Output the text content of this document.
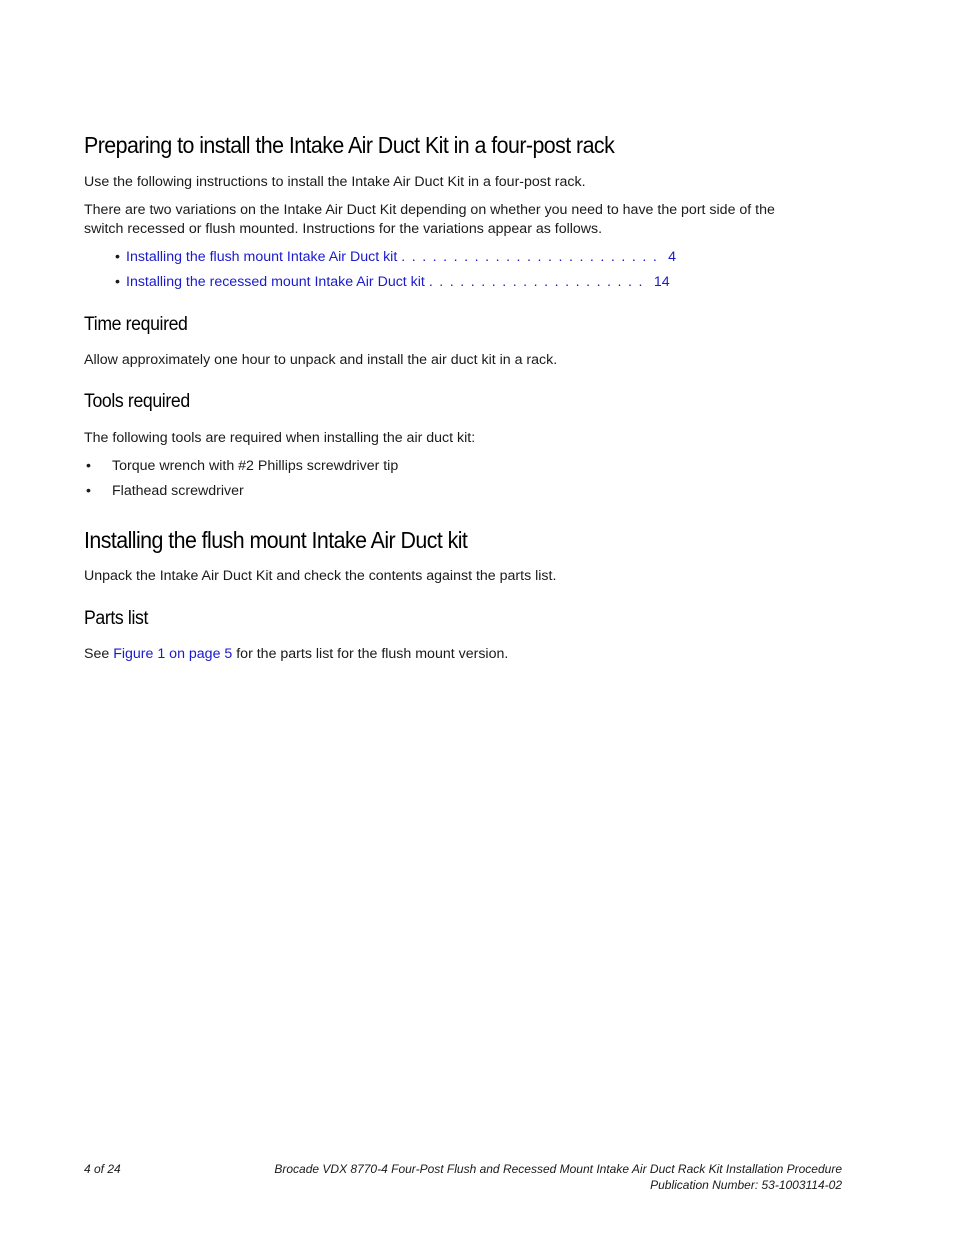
Preparing to install the Intake Air Duct Kit in a four-post rack

Use the following instructions to install the Intake Air Duct Kit in a four-post rack.

There are two variations on the Intake Air Duct Kit depending on whether you need to have the port side of the

switch recessed or flush mounted. Instructions for the variations appear as follows.

• Installing the flush mount Intake Air Duct kit . . . . . . . . . . . . . . . . . . . . . . . . . 4
• Installing the recessed mount Intake Air Duct kit . . . . . . . . . . . . . . . . . . . . . 14
Time required

Allow approximately one hour to unpack and install the air duct kit in a rack.

Tools required

The following tools are required when installing the air duct kit:

• Torque wrench with #2 Phillips screwdriver tip
• Flathead screwdriver
Installing the flush mount Intake Air Duct kit

Unpack the Intake Air Duct Kit and check the contents against the parts list.

Parts list

See Figure 1 on page 5 for the parts list for the flush mount version.

4 of 24	Brocade VDX 8770-4 Four-Post Flush and Recessed Mount Intake Air Duct Rack Kit Installation Procedure
Publication Number: 53-1003114-02
